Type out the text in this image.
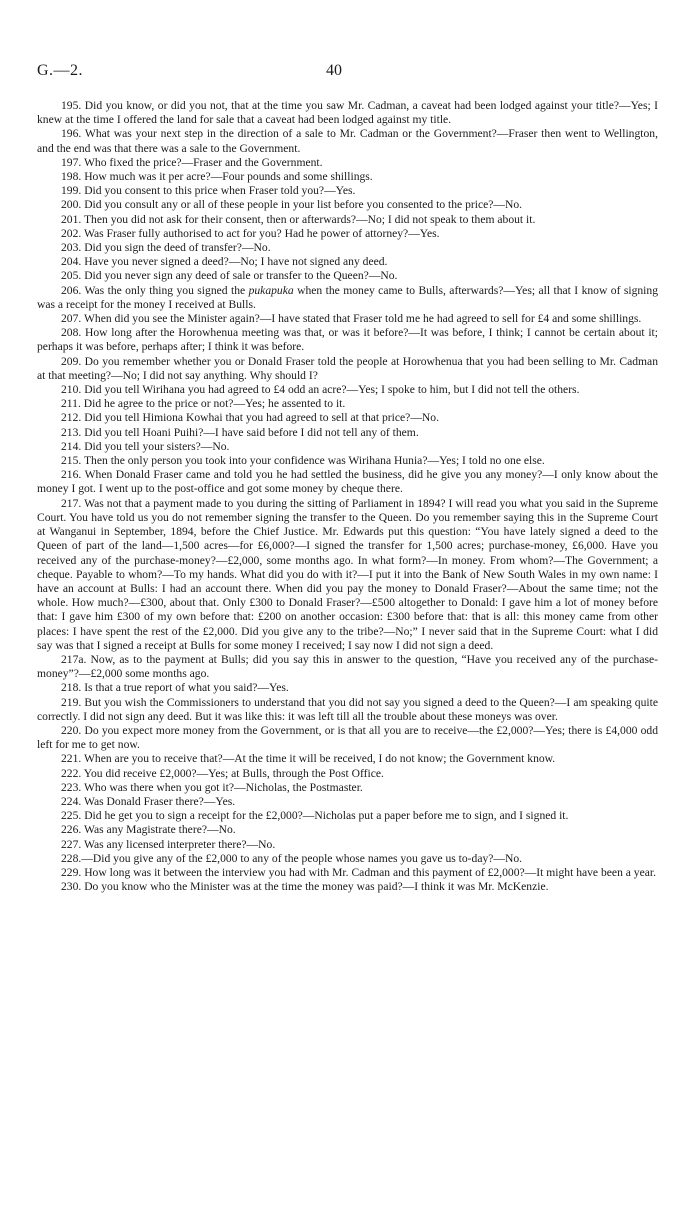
G.—2.	40

195. Did you know, or did you not, that at the time you saw Mr. Cadman, a caveat had been lodged against your title?—Yes; I knew at the time I offered the land for sale that a caveat had been lodged against my title.

196. What was your next step in the direction of a sale to Mr. Cadman or the Government?—Fraser then went to Wellington, and the end was that there was a sale to the Government.

197. Who fixed the price?—Fraser and the Government.

198. How much was it per acre?—Four pounds and some shillings.

199. Did you consent to this price when Fraser told you?—Yes.

200. Did you consult any or all of these people in your list before you consented to the price?—No.

201. Then you did not ask for their consent, then or afterwards?—No; I did not speak to them about it.

202. Was Fraser fully authorised to act for you? Had he power of attorney?—Yes.

203. Did you sign the deed of transfer?—No.

204. Have you never signed a deed?—No; I have not signed any deed.

205. Did you never sign any deed of sale or transfer to the Queen?—No.

206. Was the only thing you signed the pukapuka when the money came to Bulls, afterwards?—Yes; all that I know of signing was a receipt for the money I received at Bulls.

207. When did you see the Minister again?—I have stated that Fraser told me he had agreed to sell for £4 and some shillings.

208. How long after the Horowhenua meeting was that, or was it before?—It was before, I think; I cannot be certain about it; perhaps it was before, perhaps after; I think it was before.

209. Do you remember whether you or Donald Fraser told the people at Horowhenua that you had been selling to Mr. Cadman at that meeting?—No; I did not say anything. Why should I?

210. Did you tell Wirihana you had agreed to £4 odd an acre?—Yes; I spoke to him, but I did not tell the others.

211. Did he agree to the price or not?—Yes; he assented to it.

212. Did you tell Himiona Kowhai that you had agreed to sell at that price?—No.

213. Did you tell Hoani Puihi?—I have said before I did not tell any of them.

214. Did you tell your sisters?—No.

215. Then the only person you took into your confidence was Wirihana Hunia?—Yes; I told no one else.

216. When Donald Fraser came and told you he had settled the business, did he give you any money?—I only know about the money I got. I went up to the post-office and got some money by cheque there.

217. Was not that a payment made to you during the sitting of Parliament in 1894? I will read you what you said in the Supreme Court. You have told us you do not remember signing the transfer to the Queen. Do you remember saying this in the Supreme Court at Wanganui in September, 1894, before the Chief Justice. Mr. Edwards put this question: “You have lately signed a deed to the Queen of part of the land—1,500 acres—for £6,000?—I signed the transfer for 1,500 acres; purchase-money, £6,000. Have you received any of the purchase-money?—£2,000, some months ago. In what form?—In money. From whom?—The Government; a cheque. Payable to whom?—To my hands. What did you do with it?—I put it into the Bank of New South Wales in my own name: I have an account at Bulls: I had an account there. When did you pay the money to Donald Fraser?—About the same time; not the whole. How much?—£300, about that. Only £300 to Donald Fraser?—£500 altogether to Donald: I gave him a lot of money before that: I gave him £300 of my own before that: £200 on another occasion: £300 before that: that is all: this money came from other places: I have spent the rest of the £2,000. Did you give any to the tribe?—No;” I never said that in the Supreme Court: what I did say was that I signed a receipt at Bulls for some money I received; I say now I did not sign a deed.

217a. Now, as to the payment at Bulls; did you say this in answer to the question, “Have you received any of the purchase-money”?—£2,000 some months ago.

218. Is that a true report of what you said?—Yes.

219. But you wish the Commissioners to understand that you did not say you signed a deed to the Queen?—I am speaking quite correctly. I did not sign any deed. But it was like this: it was left till all the trouble about these moneys was over.

220. Do you expect more money from the Government, or is that all you are to receive—the £2,000?—Yes; there is £4,000 odd left for me to get now.

221. When are you to receive that?—At the time it will be received, I do not know; the Government know.

222. You did receive £2,000?—Yes; at Bulls, through the Post Office.

223. Who was there when you got it?—Nicholas, the Postmaster.

224. Was Donald Fraser there?—Yes.

225. Did he get you to sign a receipt for the £2,000?—Nicholas put a paper before me to sign, and I signed it.

226. Was any Magistrate there?—No.

227. Was any licensed interpreter there?—No.

228.—Did you give any of the £2,000 to any of the people whose names you gave us to-day?—No.

229. How long was it between the interview you had with Mr. Cadman and this payment of £2,000?—It might have been a year.

230. Do you know who the Minister was at the time the money was paid?—I think it was Mr. McKenzie.
